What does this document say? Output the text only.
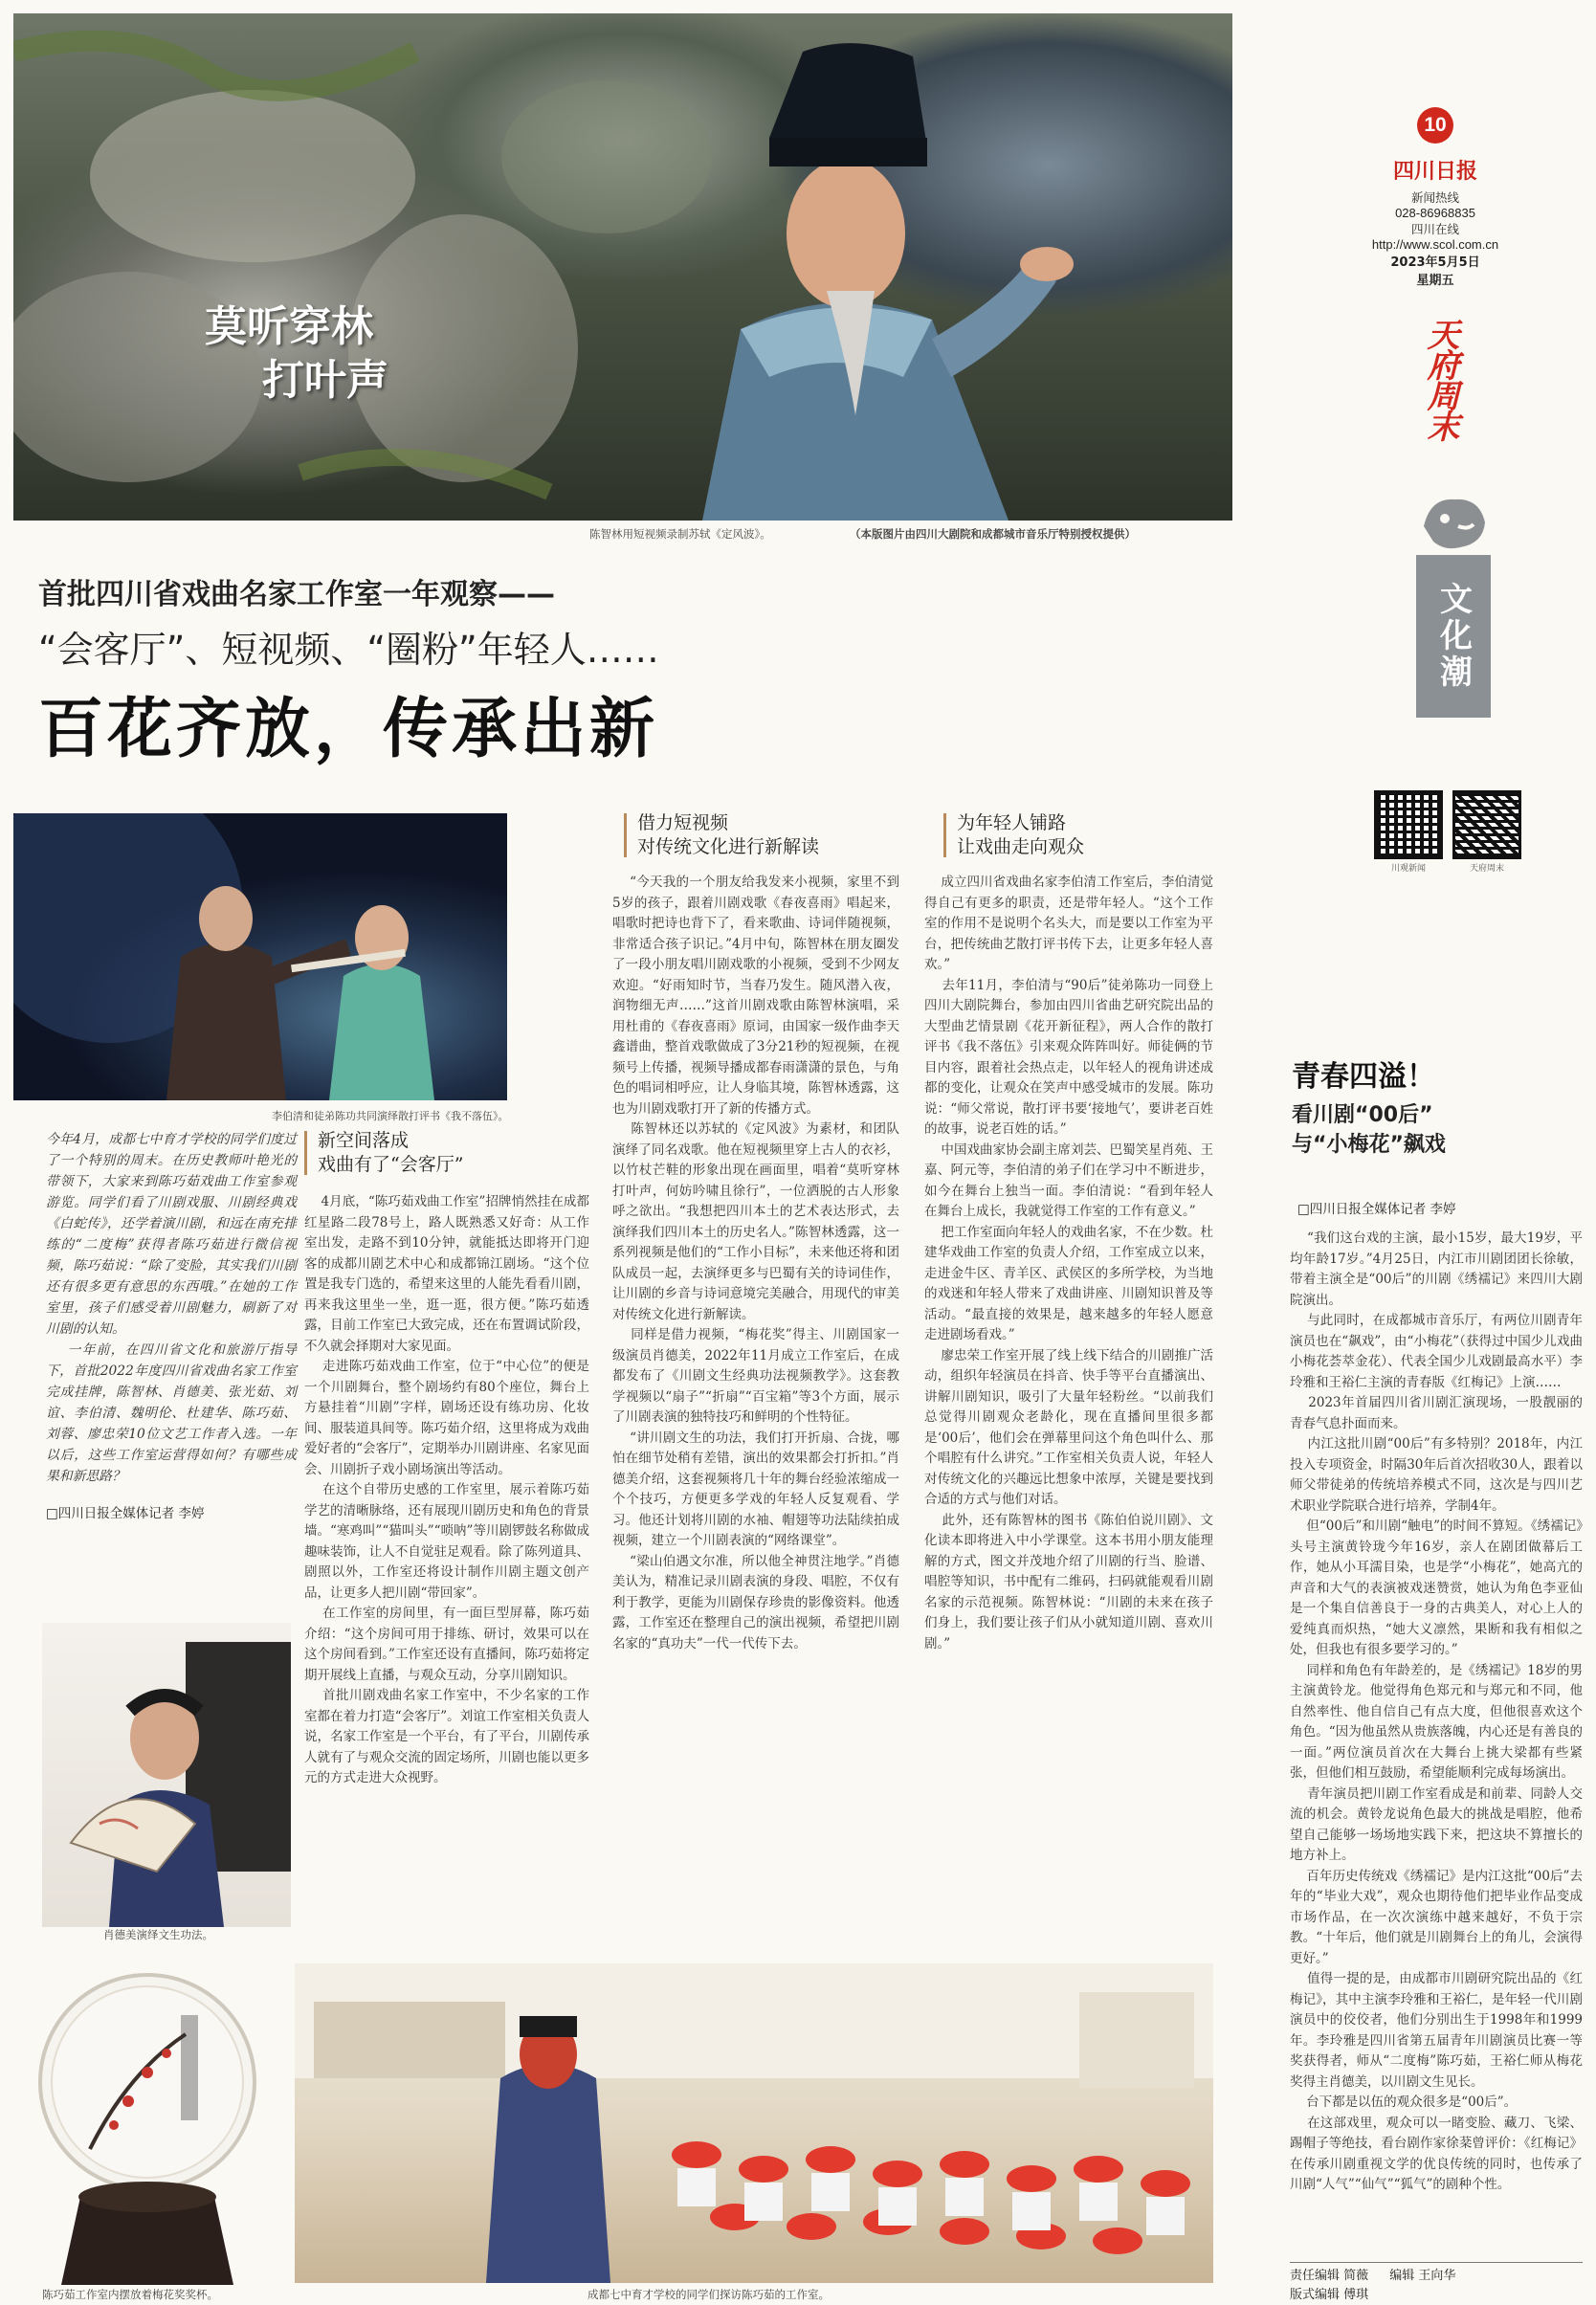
莫听穿林
打叶声
陈智林用短视频录制苏轼《定风波》。	（本版图片由四川大剧院和成都城市音乐厅特别授权提供）
10
四川日报
新闻热线
028-86968835
四川在线
http://www.scol.com.cn
2023年5月5日
星期五
天府周末
文化潮
川观新闻	天府周末
首批四川省戏曲名家工作室一年观察——
“会客厅”、短视频、“圈粉”年轻人……
百花齐放，传承出新
李伯清和徒弟陈功共同演绎散打评书《我不落伍》。

今年4月，成都七中育才学校的同学们度过了一个特别的周末。在历史教师叶艳光的带领下，大家来到陈巧茹戏曲工作室参观游览。同学们看了川剧戏服、川剧经典戏《白蛇传》，还学着演川剧，和远在南充排练的“二度梅”获得者陈巧茹进行微信视频，陈巧茹说：“除了变脸，其实我们川剧还有很多更有意思的东西哦。”在她的工作室里，孩子们感受着川剧魅力，刷新了对川剧的认知。
一年前，在四川省文化和旅游厅指导下，首批2022年度四川省戏曲名家工作室完成挂牌，陈智林、肖德美、张光茹、刘谊、李伯清、魏明伦、杜建华、陈巧茹、刘蓉、廖忠荣10位文艺工作者入选。一年以后，这些工作室运营得如何？有哪些成果和新思路？

□四川日报全媒体记者 李婷
肖德美演绎文生功法。
陈巧茹工作室内摆放着梅花奖奖杯。
新空间落成
戏曲有了“会客厅”

4月底，“陈巧茹戏曲工作室”招牌悄然挂在成都红星路二段78号上，路人既熟悉又好奇：从工作室出发，走路不到10分钟，就能抵达即将开门迎客的成都川剧艺术中心和成都锦江剧场。“这个位置是我专门选的，希望来这里的人能先看看川剧，再来我这里坐一坐，逛一逛，很方便。”陈巧茹透露，目前工作室已大致完成，还在布置调试阶段，不久就会择期对大家见面。
走进陈巧茹戏曲工作室，位于“中心位”的便是一个川剧舞台，整个剧场约有80个座位，舞台上方悬挂着“川剧”字样，剧场还设有练功房、化妆间、服装道具间等。陈巧茹介绍，这里将成为戏曲爱好者的“会客厅”，定期举办川剧讲座、名家见面会、川剧折子戏小剧场演出等活动。
在这个自带历史感的工作室里，展示着陈巧茹学艺的清晰脉络，还有展现川剧历史和角色的背景墙。“寒鸡叫”“猫叫头”“唢呐”等川剧锣鼓名称做成趣味装饰，让人不自觉驻足观看。除了陈列道具、剧照以外，工作室还将设计制作川剧主题文创产品，让更多人把川剧“带回家”。
在工作室的房间里，有一面巨型屏幕，陈巧茹介绍：“这个房间可用于排练、研讨，效果可以在这个房间看到。”工作室还设有直播间，陈巧茹将定期开展线上直播，与观众互动，分享川剧知识。
首批川剧戏曲名家工作室中，不少名家的工作室都在着力打造“会客厅”。刘谊工作室相关负责人说，名家工作室是一个平台，有了平台，川剧传承人就有了与观众交流的固定场所，川剧也能以更多元的方式走进大众视野。

借力短视频
对传统文化进行新解读

“今天我的一个朋友给我发来小视频，家里不到5岁的孩子，跟着川剧戏歌《春夜喜雨》唱起来，唱歌时把诗也背下了，看来歌曲、诗词伴随视频，非常适合孩子识记。”4月中旬，陈智林在朋友圈发了一段小朋友唱川剧戏歌的小视频，受到不少网友欢迎。“好雨知时节，当春乃发生。随风潜入夜，润物细无声……”这首川剧戏歌由陈智林演唱，采用杜甫的《春夜喜雨》原词，由国家一级作曲李天鑫谱曲，整首戏歌做成了3分21秒的短视频，在视频号上传播，视频导播成都春雨潇潇的景色，与角色的唱词相呼应，让人身临其境，陈智林透露，这也为川剧戏歌打开了新的传播方式。
陈智林还以苏轼的《定风波》为素材，和团队演绎了同名戏歌。他在短视频里穿上古人的衣衫，以竹杖芒鞋的形象出现在画面里，唱着“莫听穿林打叶声，何妨吟啸且徐行”，一位洒脱的古人形象呼之欲出。“我想把四川本土的艺术表达形式，去演绎我们四川本土的历史名人。”陈智林透露，这一系列视频是他们的“工作小目标”，未来他还将和团队成员一起，去演绎更多与巴蜀有关的诗词佳作，让川剧的乡音与诗词意境完美融合，用现代的审美对传统文化进行新解读。
同样是借力视频，“梅花奖”得主、川剧国家一级演员肖德美，2022年11月成立工作室后，在成都发布了《川剧文生经典功法视频教学》。这套教学视频以“扇子”“折扇”“百宝箱”等3个方面，展示了川剧表演的独特技巧和鲜明的个性特征。
“讲川剧文生的功法，我们打开折扇、合拢，哪怕在细节处稍有差错，演出的效果都会打折扣。”肖德美介绍，这套视频将几十年的舞台经验浓缩成一个个技巧，方便更多学戏的年轻人反复观看、学习。他还计划将川剧的水袖、帽翅等功法陆续拍成视频，建立一个川剧表演的“网络课堂”。
“梁山伯遇文尔准，所以他全神贯注地学。”肖德美认为，精准记录川剧表演的身段、唱腔，不仅有利于教学，更能为川剧保存珍贵的影像资料。他透露，工作室还在整理自己的演出视频，希望把川剧名家的“真功夫”一代一代传下去。

为年轻人铺路
让戏曲走向观众

成立四川省戏曲名家李伯清工作室后，李伯清觉得自己有更多的职责，还是带年轻人。“这个工作室的作用不是说明个名头大，而是要以工作室为平台，把传统曲艺散打评书传下去，让更多年轻人喜欢。”
去年11月，李伯清与“90后”徒弟陈功一同登上四川大剧院舞台，参加由四川省曲艺研究院出品的大型曲艺情景剧《花开新征程》，两人合作的散打评书《我不落伍》引来观众阵阵叫好。师徒俩的节目内容，跟着社会热点走，以年轻人的视角讲述成都的变化，让观众在笑声中感受城市的发展。陈功说：“师父常说，散打评书要‘接地气’，要讲老百姓的故事，说老百姓的话。”
中国戏曲家协会副主席刘芸、巴蜀笑星肖苑、王嘉、阿元等，李伯清的弟子们在学习中不断进步，如今在舞台上独当一面。李伯清说：“看到年轻人在舞台上成长，我就觉得工作室的工作有意义。”
把工作室面向年轻人的戏曲名家，不在少数。杜建华戏曲工作室的负责人介绍，工作室成立以来，走进金牛区、青羊区、武侯区的多所学校，为当地的戏迷和年轻人带来了戏曲讲座、川剧知识普及等活动。“最直接的效果是，越来越多的年轻人愿意走进剧场看戏。”
廖忠荣工作室开展了线上线下结合的川剧推广活动，组织年轻演员在抖音、快手等平台直播演出、讲解川剧知识，吸引了大量年轻粉丝。“以前我们总觉得川剧观众老龄化，现在直播间里很多都是‘00后’，他们会在弹幕里问这个角色叫什么、那个唱腔有什么讲究。”工作室相关负责人说，年轻人对传统文化的兴趣远比想象中浓厚，关键是要找到合适的方式与他们对话。
此外，还有陈智林的图书《陈伯伯说川剧》、文化读本即将进入中小学课堂。这本书用小朋友能理解的方式，图文并茂地介绍了川剧的行当、脸谱、唱腔等知识，书中配有二维码，扫码就能观看川剧名家的示范视频。陈智林说：“川剧的未来在孩子们身上，我们要让孩子们从小就知道川剧、喜欢川剧。”

成都七中育才学校的同学们探访陈巧茹的工作室。
青春四溢！
看川剧“00后”
与“小梅花”飙戏
□四川日报全媒体记者 李婷

“我们这台戏的主演，最小15岁，最大19岁，平均年龄17岁。”4月25日，内江市川剧团团长徐敏，带着主演全是“00后”的川剧《绣襦记》来四川大剧院演出。
与此同时，在成都城市音乐厅，有两位川剧青年演员也在“飙戏”，由“小梅花”（获得过中国少儿戏曲小梅花荟萃金花）、代表全国少儿戏剧最高水平）李玲雅和王裕仁主演的青春版《红梅记》上演……
2023年首届四川省川剧汇演现场，一股靓丽的青春气息扑面而来。
内江这批川剧“00后”有多特别？2018年，内江投入专项资金，时隔30年后首次招收30人，跟着以师父带徒弟的传统培养模式不同，这次是与四川艺术职业学院联合进行培养，学制4年。
但“00后”和川剧“触电”的时间不算短。《绣襦记》头号主演黄铃珑今年16岁，亲人在剧团做幕后工作，她从小耳濡目染，也是学“小梅花”，她高亢的声音和大气的表演被戏迷赞赏，她认为角色李亚仙是一个集自信善良于一身的古典美人，对心上人的爱纯真而炽热，“她大义凛然，果断和我有相似之处，但我也有很多要学习的。”
同样和角色有年龄差的，是《绣襦记》18岁的男主演黄铃龙。他觉得角色郑元和与郑元和不同，他自然率性、他自信自己有点大度，但他很喜欢这个角色。“因为他虽然从贵族落魄，内心还是有善良的一面。”两位演员首次在大舞台上挑大梁都有些紧张，但他们相互鼓励，希望能顺利完成每场演出。
青年演员把川剧工作室看成是和前辈、同龄人交流的机会。黄铃龙说角色最大的挑战是唱腔，他希望自己能够一场场地实践下来，把这块不算擅长的地方补上。
百年历史传统戏《绣襦记》是内江这批“00后”去年的“毕业大戏”，观众也期待他们把毕业作品变成市场作品，在一次次演练中越来越好，不负于宗教。“十年后，他们就是川剧舞台上的角儿，会演得更好。”
值得一提的是，由成都市川剧研究院出品的《红梅记》，其中主演李玲雅和王裕仁，是年轻一代川剧演员中的佼佼者，他们分别出生于1998年和1999年。李玲雅是四川省第五届青年川剧演员比赛一等奖获得者，师从“二度梅”陈巧茹，王裕仁师从梅花奖得主肖德美，以川剧文生见长。
台下都是以伍的观众很多是“00后”。
在这部戏里，观众可以一睹变脸、藏刀、飞梁、踢帽子等绝技，看台剧作家徐棻曾评价：《红梅记》在传承川剧重视文学的优良传统的同时，也传承了川剧“人气”“仙气”“狐气”的剧种个性。

责任编辑 简薇 编辑 王向华
版式编辑 傅琪
